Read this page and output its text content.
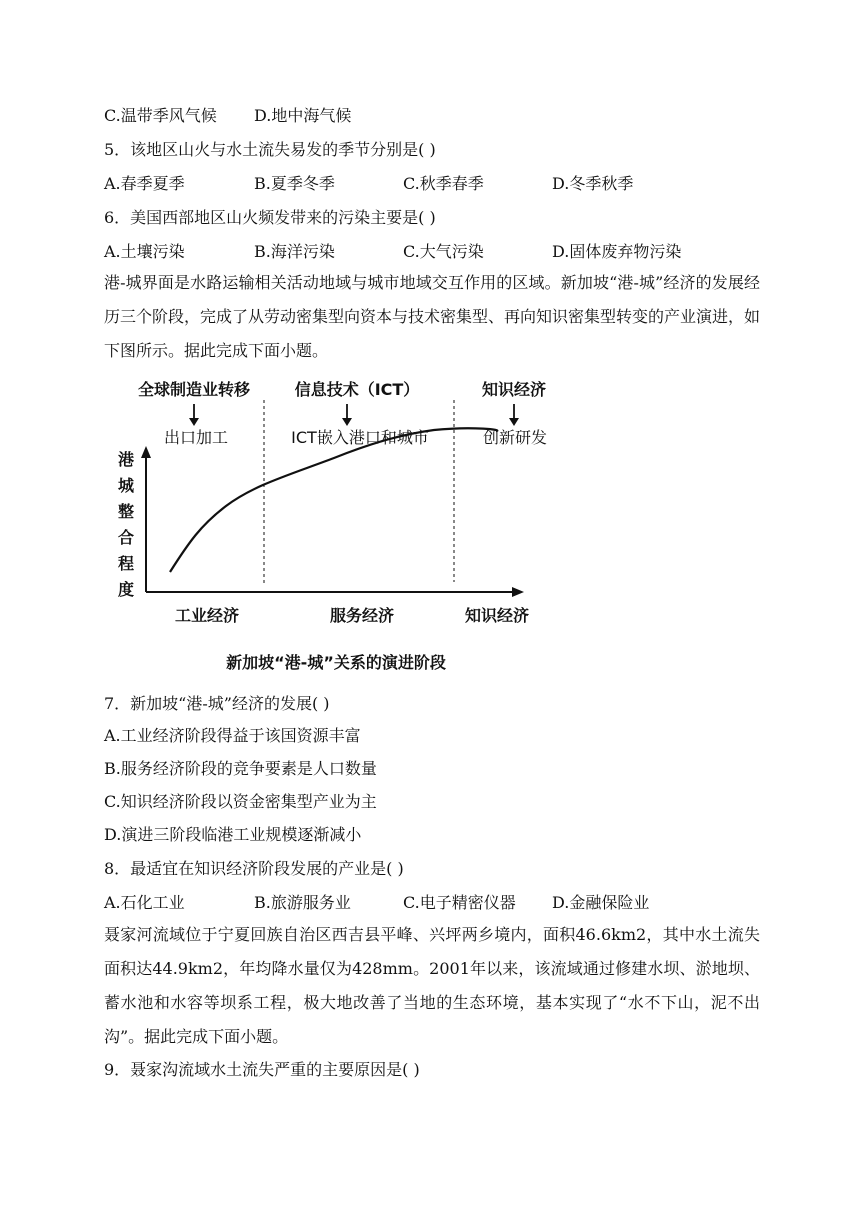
C.温带季风气候 D.地中海气候
5．该地区山火与水土流失易发的季节分别是( )
A.春季夏季	B.夏季冬季	C.秋季春季	D.冬季秋季
6．美国西部地区山火频发带来的污染主要是( )
A.土壤污染	B.海洋污染	C.大气污染	D.固体废弃物污染
港-城界面是水路运输相关活动地域与城市地域交互作用的区域。新加坡“港-城”经济的发展经历三个阶段，完成了从劳动密集型向资本与技术密集型、再向知识密集型转变的产业演进，如下图所示。据此完成下面小题。
全球制造业转移	信息技术（ICT）	知识经济
出口加工	ICT嵌入港口和城市	创新研发
港城整合程度
工业经济	服务经济	知识经济
新加坡“港-城”关系的演进阶段
7．新加坡“港-城”经济的发展( )
A.工业经济阶段得益于该国资源丰富
B.服务经济阶段的竞争要素是人口数量
C.知识经济阶段以资金密集型产业为主
D.演进三阶段临港工业规模逐渐减小
8．最适宜在知识经济阶段发展的产业是( )
A.石化工业	B.旅游服务业	C.电子精密仪器 D.金融保险业
聂家河流域位于宁夏回族自治区西吉县平峰、兴坪两乡境内，面积46.6km2，其中水土流失面积达44.9km2，年均降水量仅为428mm。2001年以来，该流域通过修建水坝、淤地坝、蓄水池和水容等坝系工程，极大地改善了当地的生态环境，基本实现了“水不下山，泥不出沟”。据此完成下面小题。
9．聂家沟流域水土流失严重的主要原因是( )
